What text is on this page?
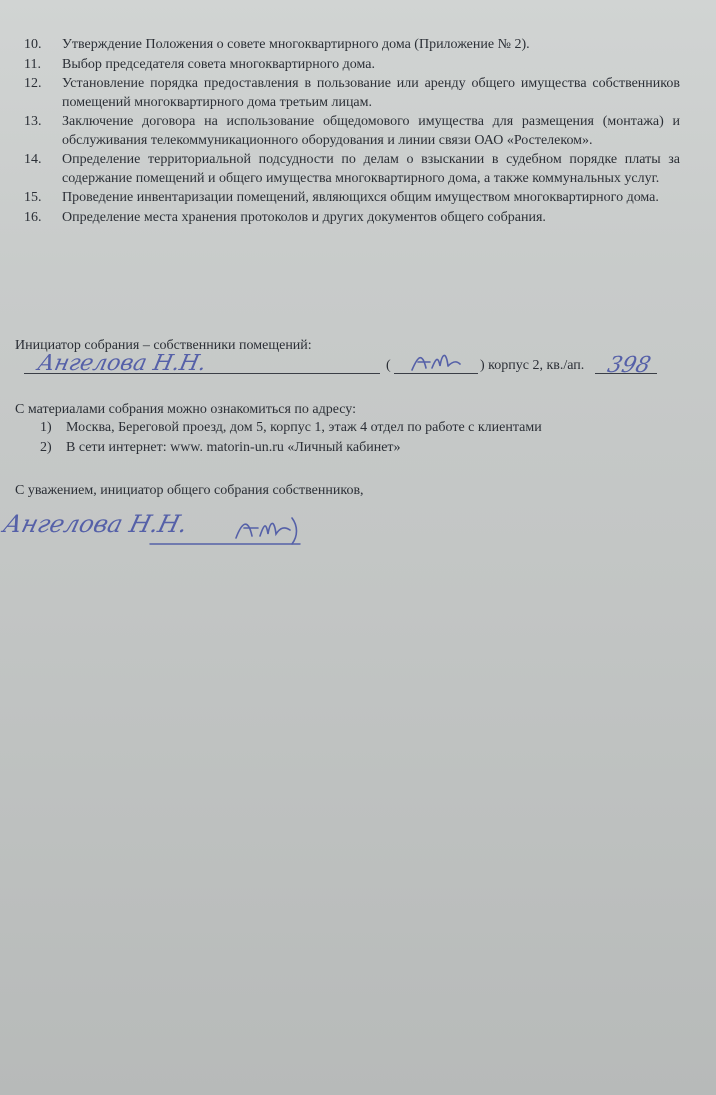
10.	Утверждение Положения о совете многоквартирного дома (Приложение № 2).
11.	Выбор председателя совета многоквартирного дома.
12.	Установление порядка предоставления в пользование или аренду общего имущества собственников помещений многоквартирного дома третьим лицам.
13.	Заключение договора на использование общедомового имущества для размещения (монтажа) и обслуживания телекоммуникационного оборудования и линии связи ОАО «Ростелеком».
14.	Определение территориальной подсудности по делам о взыскании в судебном порядке платы за содержание помещений и общего имущества многоквартирного дома, а также коммунальных услуг.
15.	Проведение инвентаризации помещений, являющихся общим имуществом многоквартирного дома.
16.	Определение места хранения протоколов и других документов общего собрания.
Инициатор собрания – собственники помещений:
Ангелова Н.Н.	(	) корпус 2, кв./ап. 398
С материалами собрания можно ознакомиться по адресу:
1) Москва, Береговой проезд, дом 5, корпус 1, этаж 4 отдел по работе с клиентами
2) В сети интернет: www. matorin-un.ru «Личный кабинет»
С уважением, инициатор общего собрания собственников,
Ангелова Н.Н.
